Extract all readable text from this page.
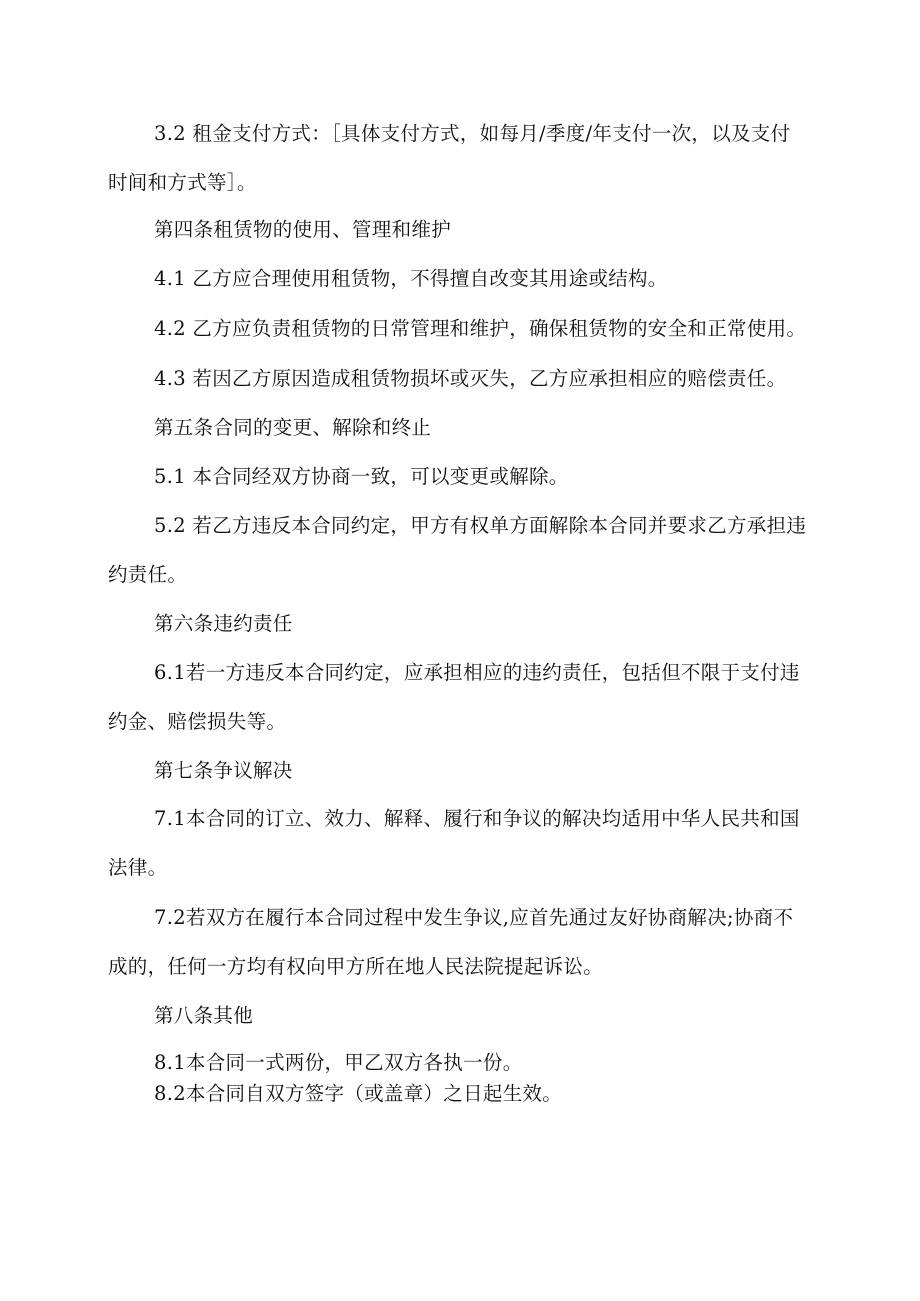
3.2 租金支付方式：［具体支付方式，如每月/季度/年支付一次，以及支付时间和方式等］。

第四条租赁物的使用、管理和维护

4.1 乙方应合理使用租赁物，不得擅自改变其用途或结构。

4.2 乙方应负责租赁物的日常管理和维护，确保租赁物的安全和正常使用。

4.3 若因乙方原因造成租赁物损坏或灭失，乙方应承担相应的赔偿责任。

第五条合同的变更、解除和终止

5.1 本合同经双方协商一致，可以变更或解除。

5.2 若乙方违反本合同约定，甲方有权单方面解除本合同并要求乙方承担违约责任。

第六条违约责任

6.1若一方违反本合同约定，应承担相应的违约责任，包括但不限于支付违约金、赔偿损失等。

第七条争议解决

7.1本合同的订立、效力、解释、履行和争议的解决均适用中华人民共和国法律。

7.2若双方在履行本合同过程中发生争议,应首先通过友好协商解决;协商不成的，任何一方均有权向甲方所在地人民法院提起诉讼。

第八条其他

8.1本合同一式两份，甲乙双方各执一份。

8.2本合同自双方签字（或盖章）之日起生效。
